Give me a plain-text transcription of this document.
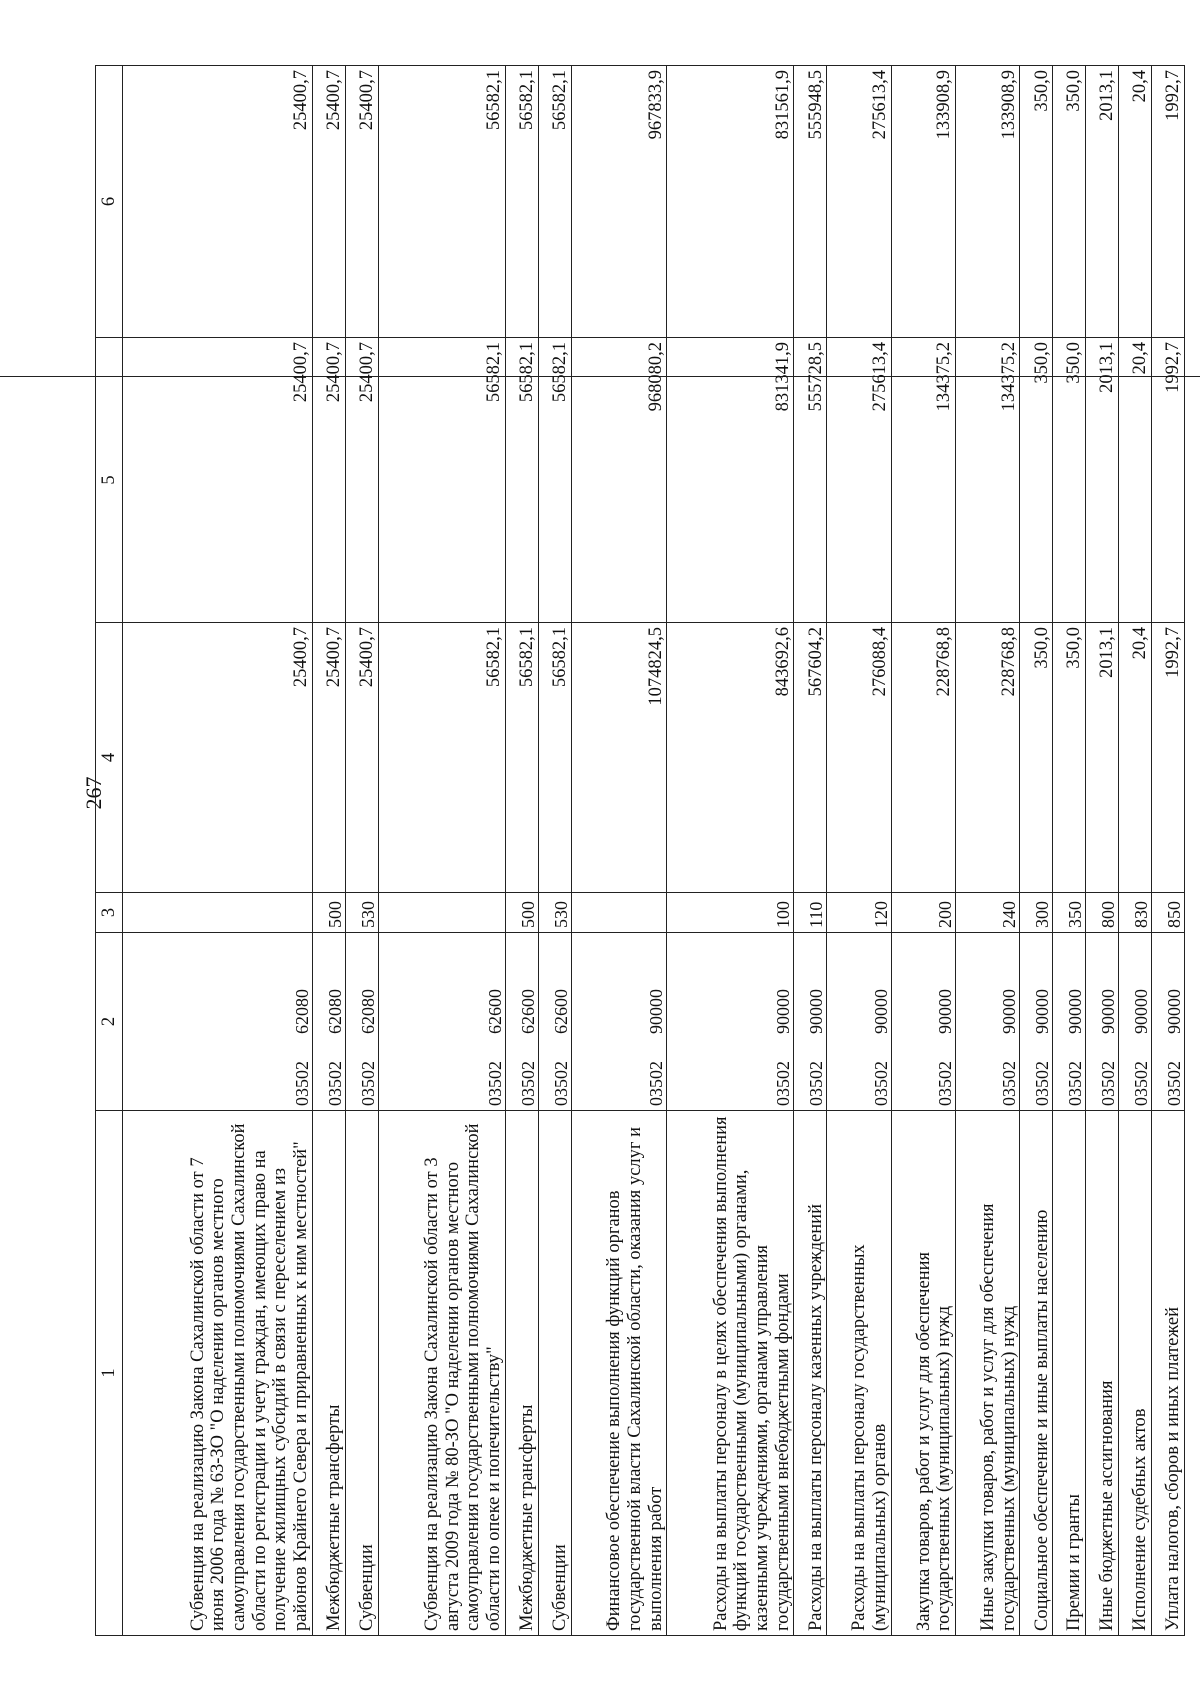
267
1	2	3	4	5	6
Субвенция на реализацию Закона Сахалинской области от 7 июня 2006 года № 63-ЗО "О наделении органов местного самоуправления государственными полномочиями Сахалинской области по регистрации и учету граждан, имеющих право на получение жилищных субсидий в связи с переселением из районов Крайнего Севера и приравненных к ним местностей"	0350262080		25400,7	25400,7	25400,7
Межбюджетные трансферты	0350262080	500	25400,7	25400,7	25400,7
Субвенции	0350262080	530	25400,7	25400,7	25400,7
Субвенция на реализацию Закона Сахалинской области от 3 августа 2009 года № 80-ЗО "О наделении органов местного самоуправления государственными полномочиями Сахалинской области по опеке и попечительству"	0350262600		56582,1	56582,1	56582,1
Межбюджетные трансферты	0350262600	500	56582,1	56582,1	56582,1
Субвенции	0350262600	530	56582,1	56582,1	56582,1
Финансовое обеспечение выполнения функций органов государственной власти Сахалинской области, оказания услуг и выполнения работ	0350290000		1074824,5	968080,2	967833,9
Расходы на выплаты персоналу в целях обеспечения выполнения функций государственными (муниципальными) органами, казенными учреждениями, органами управления государственными внебюджетными фондами	0350290000	100	843692,6	831341,9	831561,9
Расходы на выплаты персоналу казенных учреждений	0350290000	110	567604,2	555728,5	555948,5
Расходы на выплаты персоналу государственных (муниципальных) органов	0350290000	120	276088,4	275613,4	275613,4
Закупка товаров, работ и услуг для обеспечения государственных (муниципальных) нужд	0350290000	200	228768,8	134375,2	133908,9
Иные закупки товаров, работ и услуг для обеспечения государственных (муниципальных) нужд	0350290000	240	228768,8	134375,2	133908,9
Социальное обеспечение и иные выплаты населению	0350290000	300	350,0	350,0	350,0
Премии и гранты	0350290000	350	350,0	350,0	350,0
Иные бюджетные ассигнования	0350290000	800	2013,1	2013,1	2013,1
Исполнение судебных актов	0350290000	830	20,4	20,4	20,4
Уплата налогов, сборов и иных платежей	0350290000	850	1992,7	1992,7	1992,7
